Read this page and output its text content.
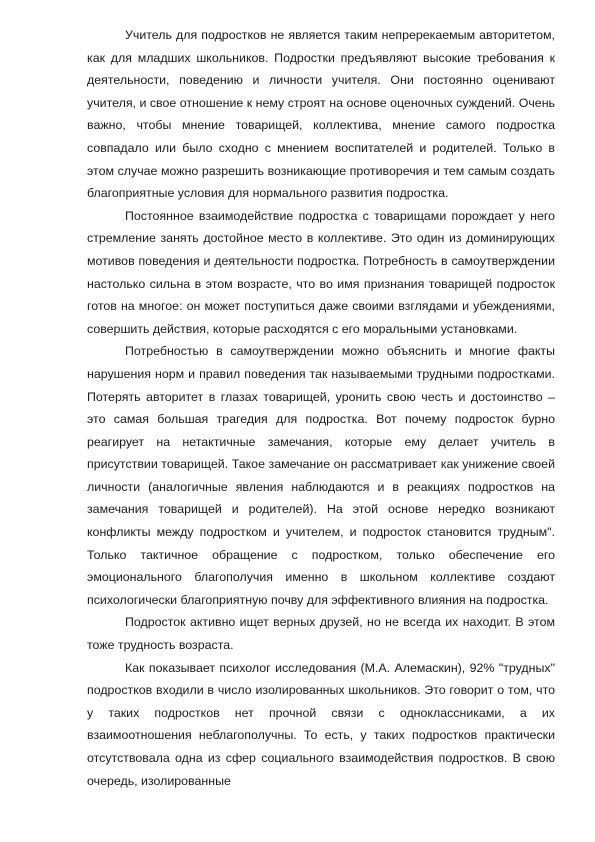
Учитель для подростков не является таким непререкаемым авторитетом, как для младших школьников. Подростки предъявляют высокие требования к деятельности, поведению и личности учителя. Они постоянно оценивают учителя, и свое отношение к нему строят на основе оценочных суждений. Очень важно, чтобы мнение товарищей, коллектива, мнение самого подростка совпадало или было сходно с мнением воспитателей и родителей. Только в этом случае можно разрешить возникающие противоречия и тем самым создать благоприятные условия для нормального развития подростка.

Постоянное взаимодействие подростка с товарищами порождает у него стремление занять достойное место в коллективе. Это один из доминирующих мотивов поведения и деятельности подростка. Потребность в самоутверждении настолько сильна в этом возрасте, что во имя признания товарищей подросток готов на многое: он может поступиться даже своими взглядами и убеждениями, совершить действия, которые расходятся с его моральными установками.

Потребностью в самоутверждении можно объяснить и многие факты нарушения норм и правил поведения так называемыми трудными подростками. Потерять авторитет в глазах товарищей, уронить свою честь и достоинство – это самая большая трагедия для подростка. Вот почему подросток бурно реагирует на нетактичные замечания, которые ему делает учитель в присутствии товарищей. Такое замечание он рассматривает как унижение своей личности (аналогичные явления наблюдаются и в реакциях подростков на замечания товарищей и родителей). На этой основе нередко возникают конфликты между подростком и учителем, и подросток становится трудным". Только тактичное обращение с подростком, только обеспечение его эмоционального благополучия именно в школьном коллективе создают психологически благоприятную почву для эффективного влияния на подростка.

Подросток активно ищет верных друзей, но не всегда их находит. В этом тоже трудность возраста.

Как показывает психолог исследования (М.А. Алемаскин), 92% "трудных" подростков входили в число изолированных школьников. Это говорит о том, что у таких подростков нет прочной связи с одноклассниками, а их взаимоотношения неблагополучны. То есть, у таких подростков практически отсутствовала одна из сфер социального взаимодействия подростков. В свою очередь, изолированные
